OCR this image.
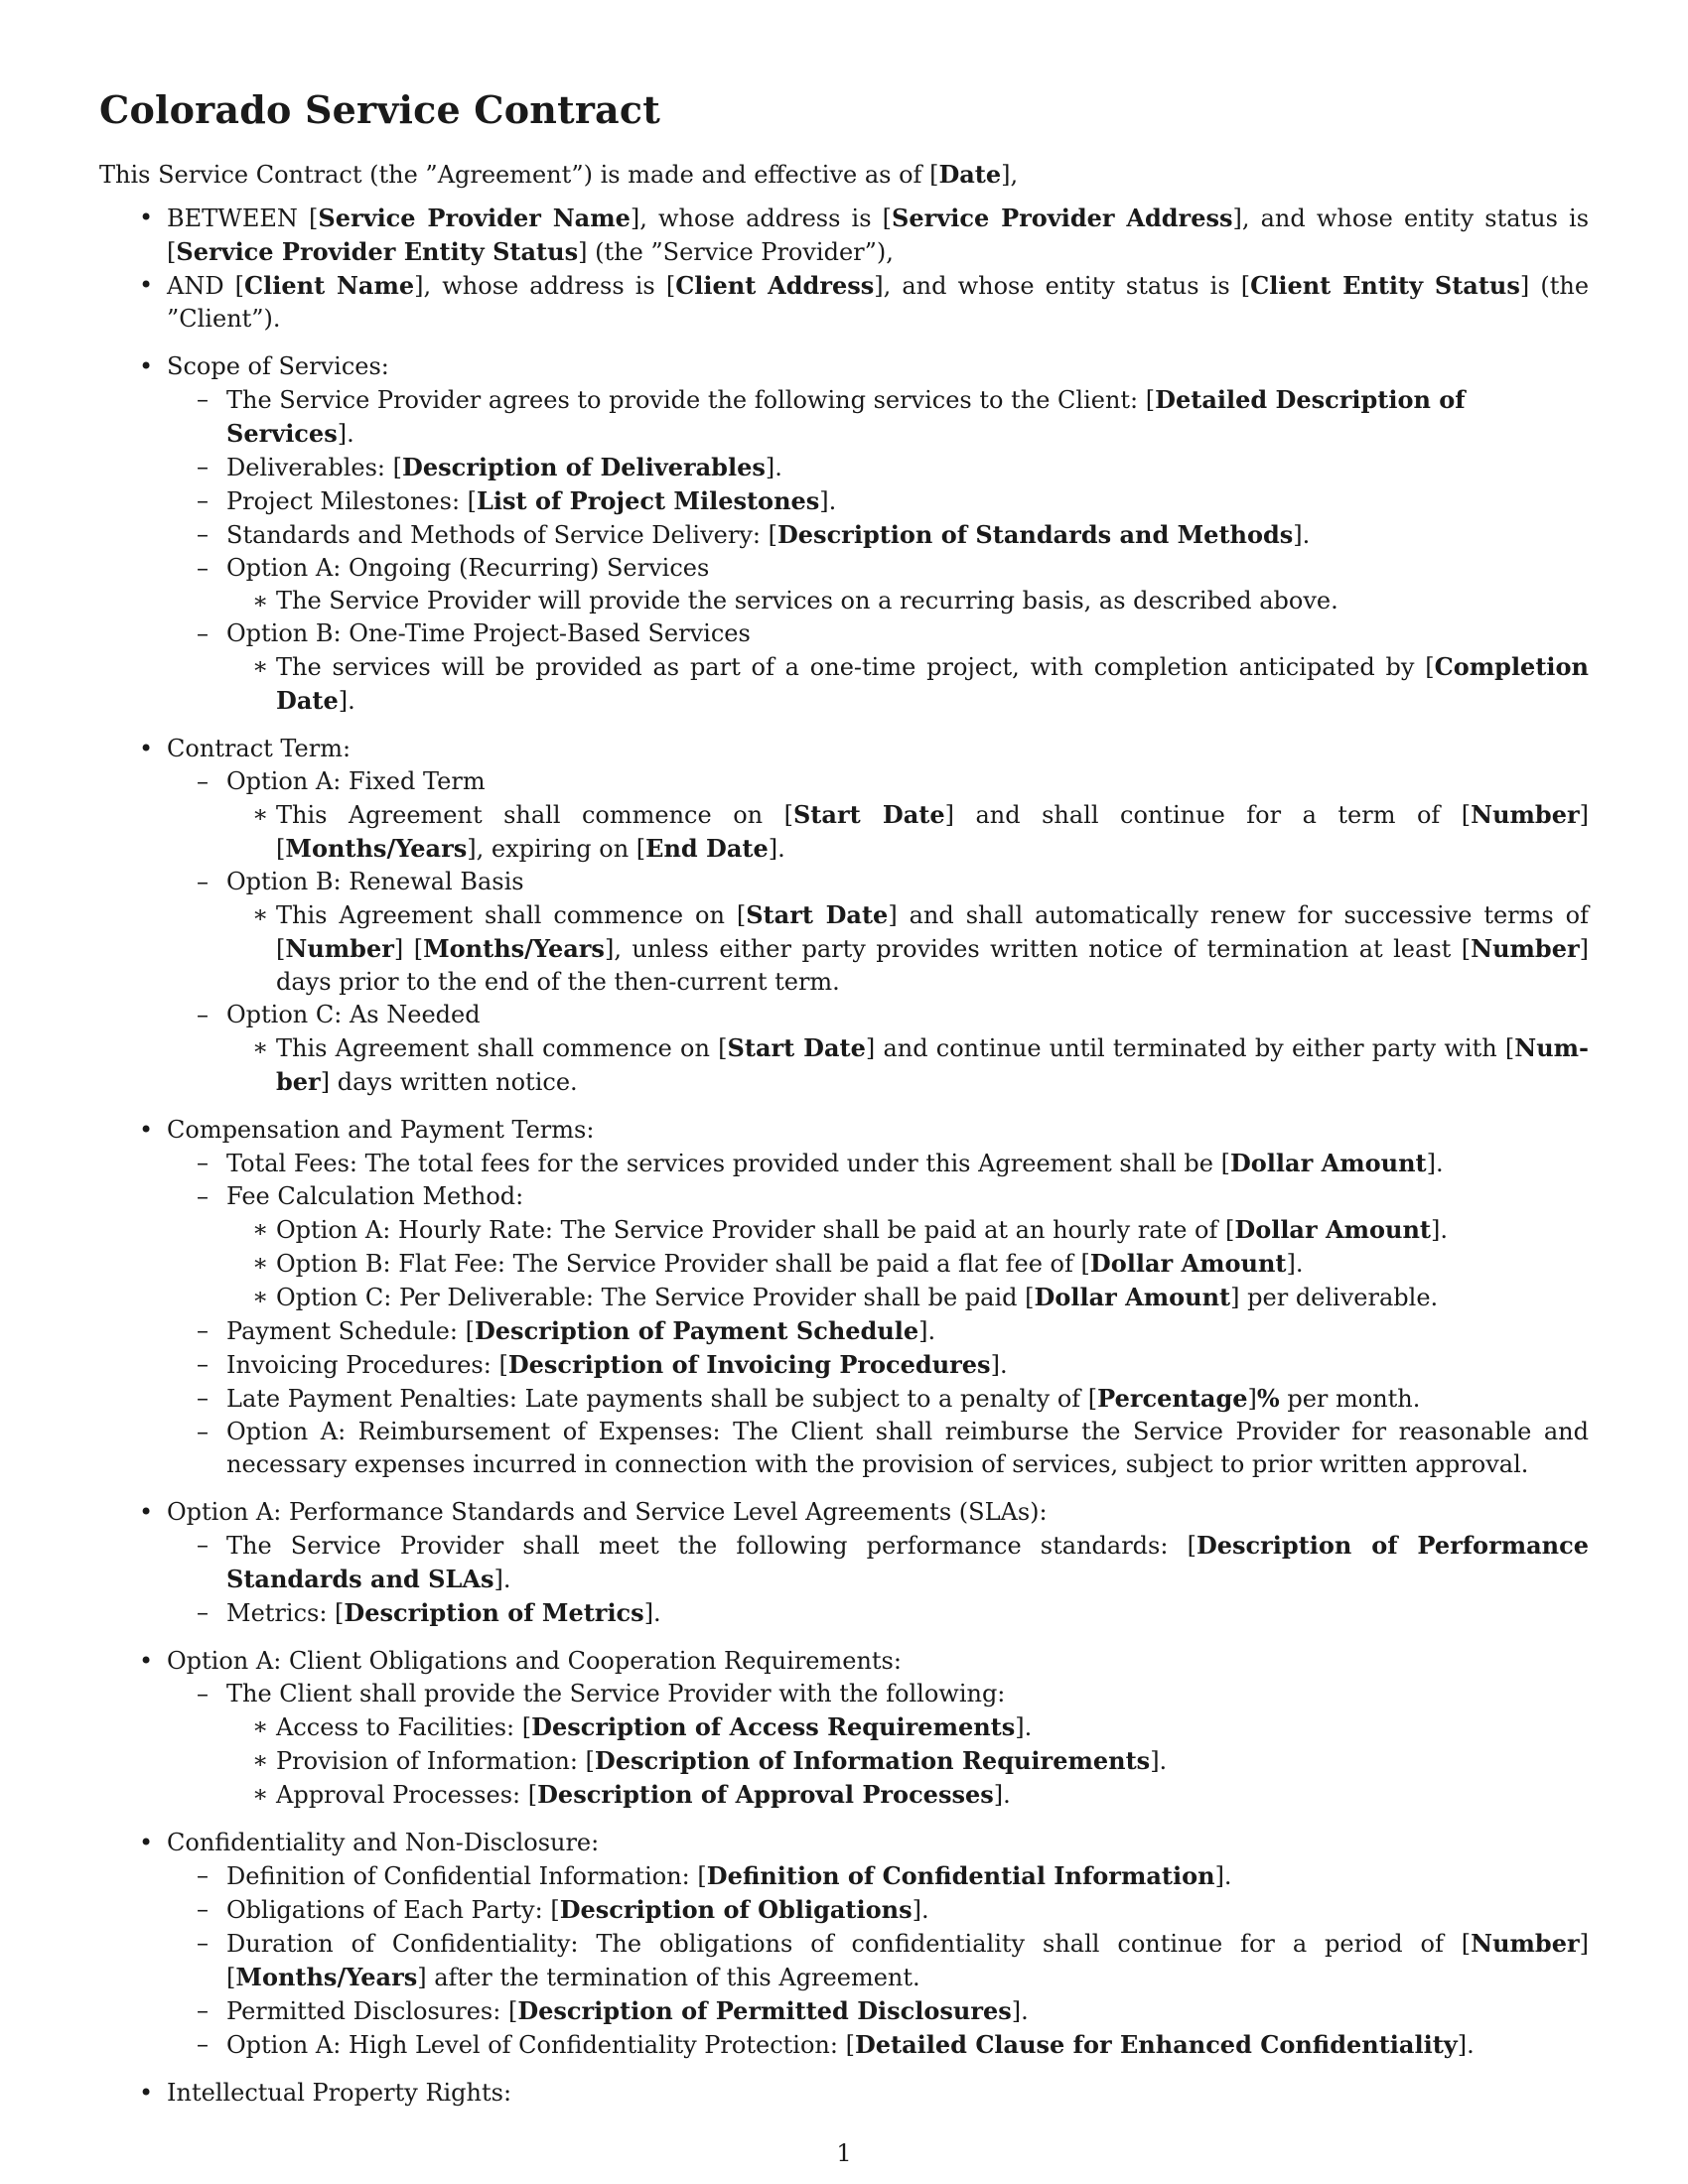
Colorado Service Contract

This Service Contract (the ”Agreement”) is made and effective as of [Date],

• BETWEEN [Service Provider Name], whose address is [Service Provider Address], and whose entity status is [Service Provider Entity Status] (the ”Service Provider”),
• AND [Client Name], whose address is [Client Address], and whose entity status is [Client Entity Status] (the ”Client”).
• Scope of Services:
– The Service Provider agrees to provide the following services to the Client: [Detailed Description of Services].
– Deliverables: [Description of Deliverables].
– Project Milestones: [List of Project Milestones].
– Standards and Methods of Service Delivery: [Description of Standards and Methods].
– Option A: Ongoing (Recurring) Services
∗ The Service Provider will provide the services on a recurring basis, as described above.
– Option B: One-Time Project-Based Services
∗ The services will be provided as part of a one-time project, with completion anticipated by [Completion Date].
• Contract Term:
– Option A: Fixed Term
∗ This Agreement shall commence on [Start Date] and shall continue for a term of [Number] [Months/Years], expiring on [End Date].
– Option B: Renewal Basis
∗ This Agreement shall commence on [Start Date] and shall automatically renew for successive terms of [Number] [Months/Years], unless either party provides written notice of termination at least [Number] days prior to the end of the then-current term.
– Option C: As Needed
∗ This Agreement shall commence on [Start Date] and continue until terminated by either party with [Number] days written notice.
• Compensation and Payment Terms:
– Total Fees: The total fees for the services provided under this Agreement shall be [Dollar Amount].
– Fee Calculation Method:
∗ Option A: Hourly Rate: The Service Provider shall be paid at an hourly rate of [Dollar Amount].
∗ Option B: Flat Fee: The Service Provider shall be paid a flat fee of [Dollar Amount].
∗ Option C: Per Deliverable: The Service Provider shall be paid [Dollar Amount] per deliverable.
– Payment Schedule: [Description of Payment Schedule].
– Invoicing Procedures: [Description of Invoicing Procedures].
– Late Payment Penalties: Late payments shall be subject to a penalty of [Percentage]% per month.
– Option A: Reimbursement of Expenses: The Client shall reimburse the Service Provider for reasonable and necessary expenses incurred in connection with the provision of services, subject to prior written approval.
• Option A: Performance Standards and Service Level Agreements (SLAs):
– The Service Provider shall meet the following performance standards: [Description of Performance Standards and SLAs].
– Metrics: [Description of Metrics].
• Option A: Client Obligations and Cooperation Requirements:
– The Client shall provide the Service Provider with the following:
∗ Access to Facilities: [Description of Access Requirements].
∗ Provision of Information: [Description of Information Requirements].
∗ Approval Processes: [Description of Approval Processes].
• Confidentiality and Non-Disclosure:
– Definition of Confidential Information: [Definition of Confidential Information].
– Obligations of Each Party: [Description of Obligations].
– Duration of Confidentiality: The obligations of confidentiality shall continue for a period of [Number] [Months/Years] after the termination of this Agreement.
– Permitted Disclosures: [Description of Permitted Disclosures].
– Option A: High Level of Confidentiality Protection: [Detailed Clause for Enhanced Confidentiality].
• Intellectual Property Rights:
1
